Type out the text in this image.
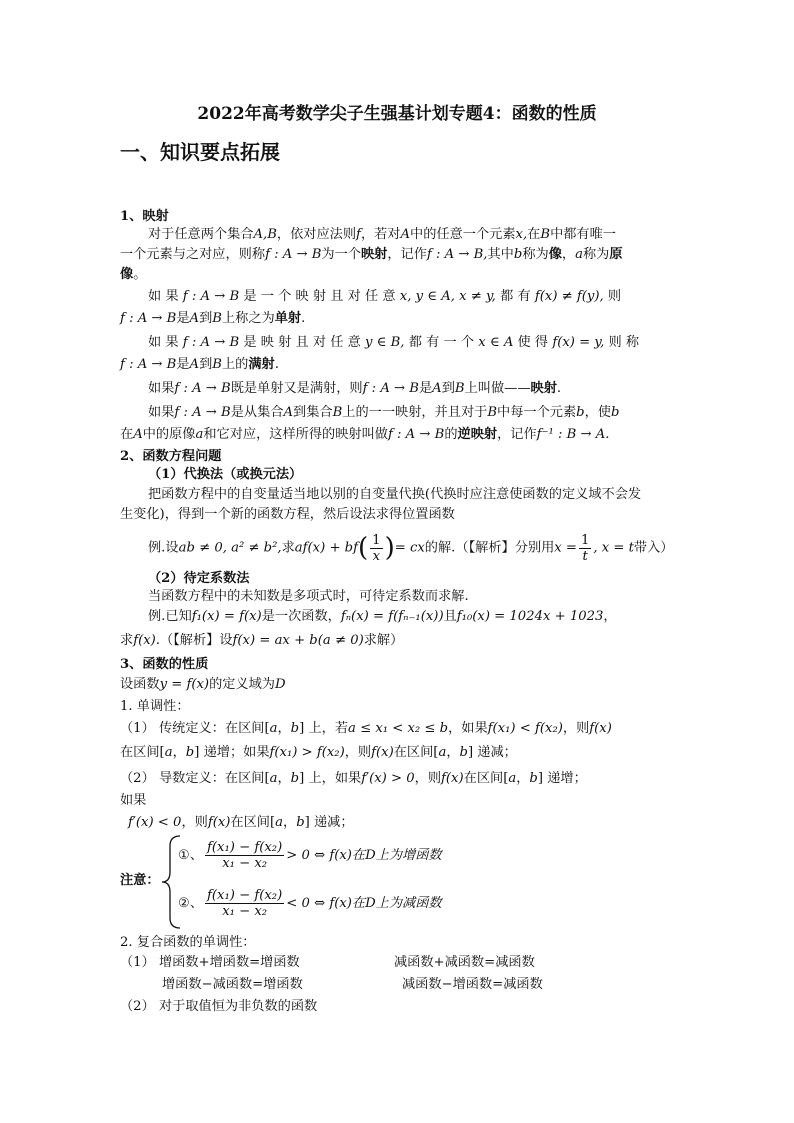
2022年高考数学尖子生强基计划专题4：函数的性质
一、知识要点拓展
1、映射
对于任意两个集合A,B，依对应法则f，若对A中的任意一个元素x,在B中都有唯一
一个元素与之对应，则称f : A → B为一个映射，记作f : A → B,其中b称为像，a称为原
像。
如 果 f : A → B 是 一 个 映 射 且 对 任 意 x, y ∈ A, x ≠ y, 都 有 f(x) ≠ f(y), 则
f : A → B是A到B上称之为单射.
如 果 f : A → B 是 映 射 且 对 任 意 y ∈ B, 都 有 一 个 x ∈ A 使 得 f(x) = y, 则 称
f : A → B是A到B上的满射.
如果f : A → B既是单射又是满射，则f : A → B是A到B上叫做——映射.
如果f : A → B是从集合A到集合B上的一一映射，并且对于B中每一个元素b，使b
在A中的原像a和它对应，这样所得的映射叫做f : A → B的逆映射，记作f⁻¹ : B → A.
2、函数方程问题
（1）代换法（或换元法）
把函数方程中的自变量适当地以别的自变量代换(代换时应注意使函数的定义域不会发
生变化)，得到一个新的函数方程，然后设法求得位置函数
例.设ab ≠ 0, a² ≠ b²,求$af(x) + bf( \frac{1}{x}$ )= cx的解.（【解析】分别用$x = \frac{1}{t}$ , x = t带入）
（2）待定系数法
当函数方程中的未知数是多项式时，可待定系数而求解.
例.已知f₁(x) = f(x)是一次函数，fₙ(x) = f(fₙ₋₁(x))且f₁₀(x) = 1024x + 1023，
求f(x).（【解析】设f(x) = ax + b(a ≠ 0)求解）
3、函数的性质
设函数y = f(x)的定义域为D
1. 单调性：
（1） 传统定义：在区间[a，b] 上，若a ≤ x₁ < x₂ ≤ b，如果f(x₁) < f(x₂)，则f(x)
在区间[a，b] 递增；如果f(x₁) > f(x₂)，则f(x)在区间[a，b] 递减；
（2） 导数定义：在区间[a，b] 上，如果f′(x) > 0，则f(x)在区间[a，b] 递增；
如果
f′(x) < 0，则f(x)在区间[a，b] 递减；
注意：
①、 $\frac{\text{f(x₁) − f(x₂)}}{\text{x₁ − x₂}} > 0$ ⇔ f(x)在D上为增函数
②、 $\frac{\text{f(x₁) − f(x₂)}}{\text{x₁ − x₂}} < 0$ ⇔ f(x)在D上为减函数
2. 复合函数的单调性：
（1） 增函数+增函数=增函数	减函数+减函数=减函数
增函数−减函数=增函数	减函数−增函数=减函数
（2） 对于取值恒为非负数的函数
